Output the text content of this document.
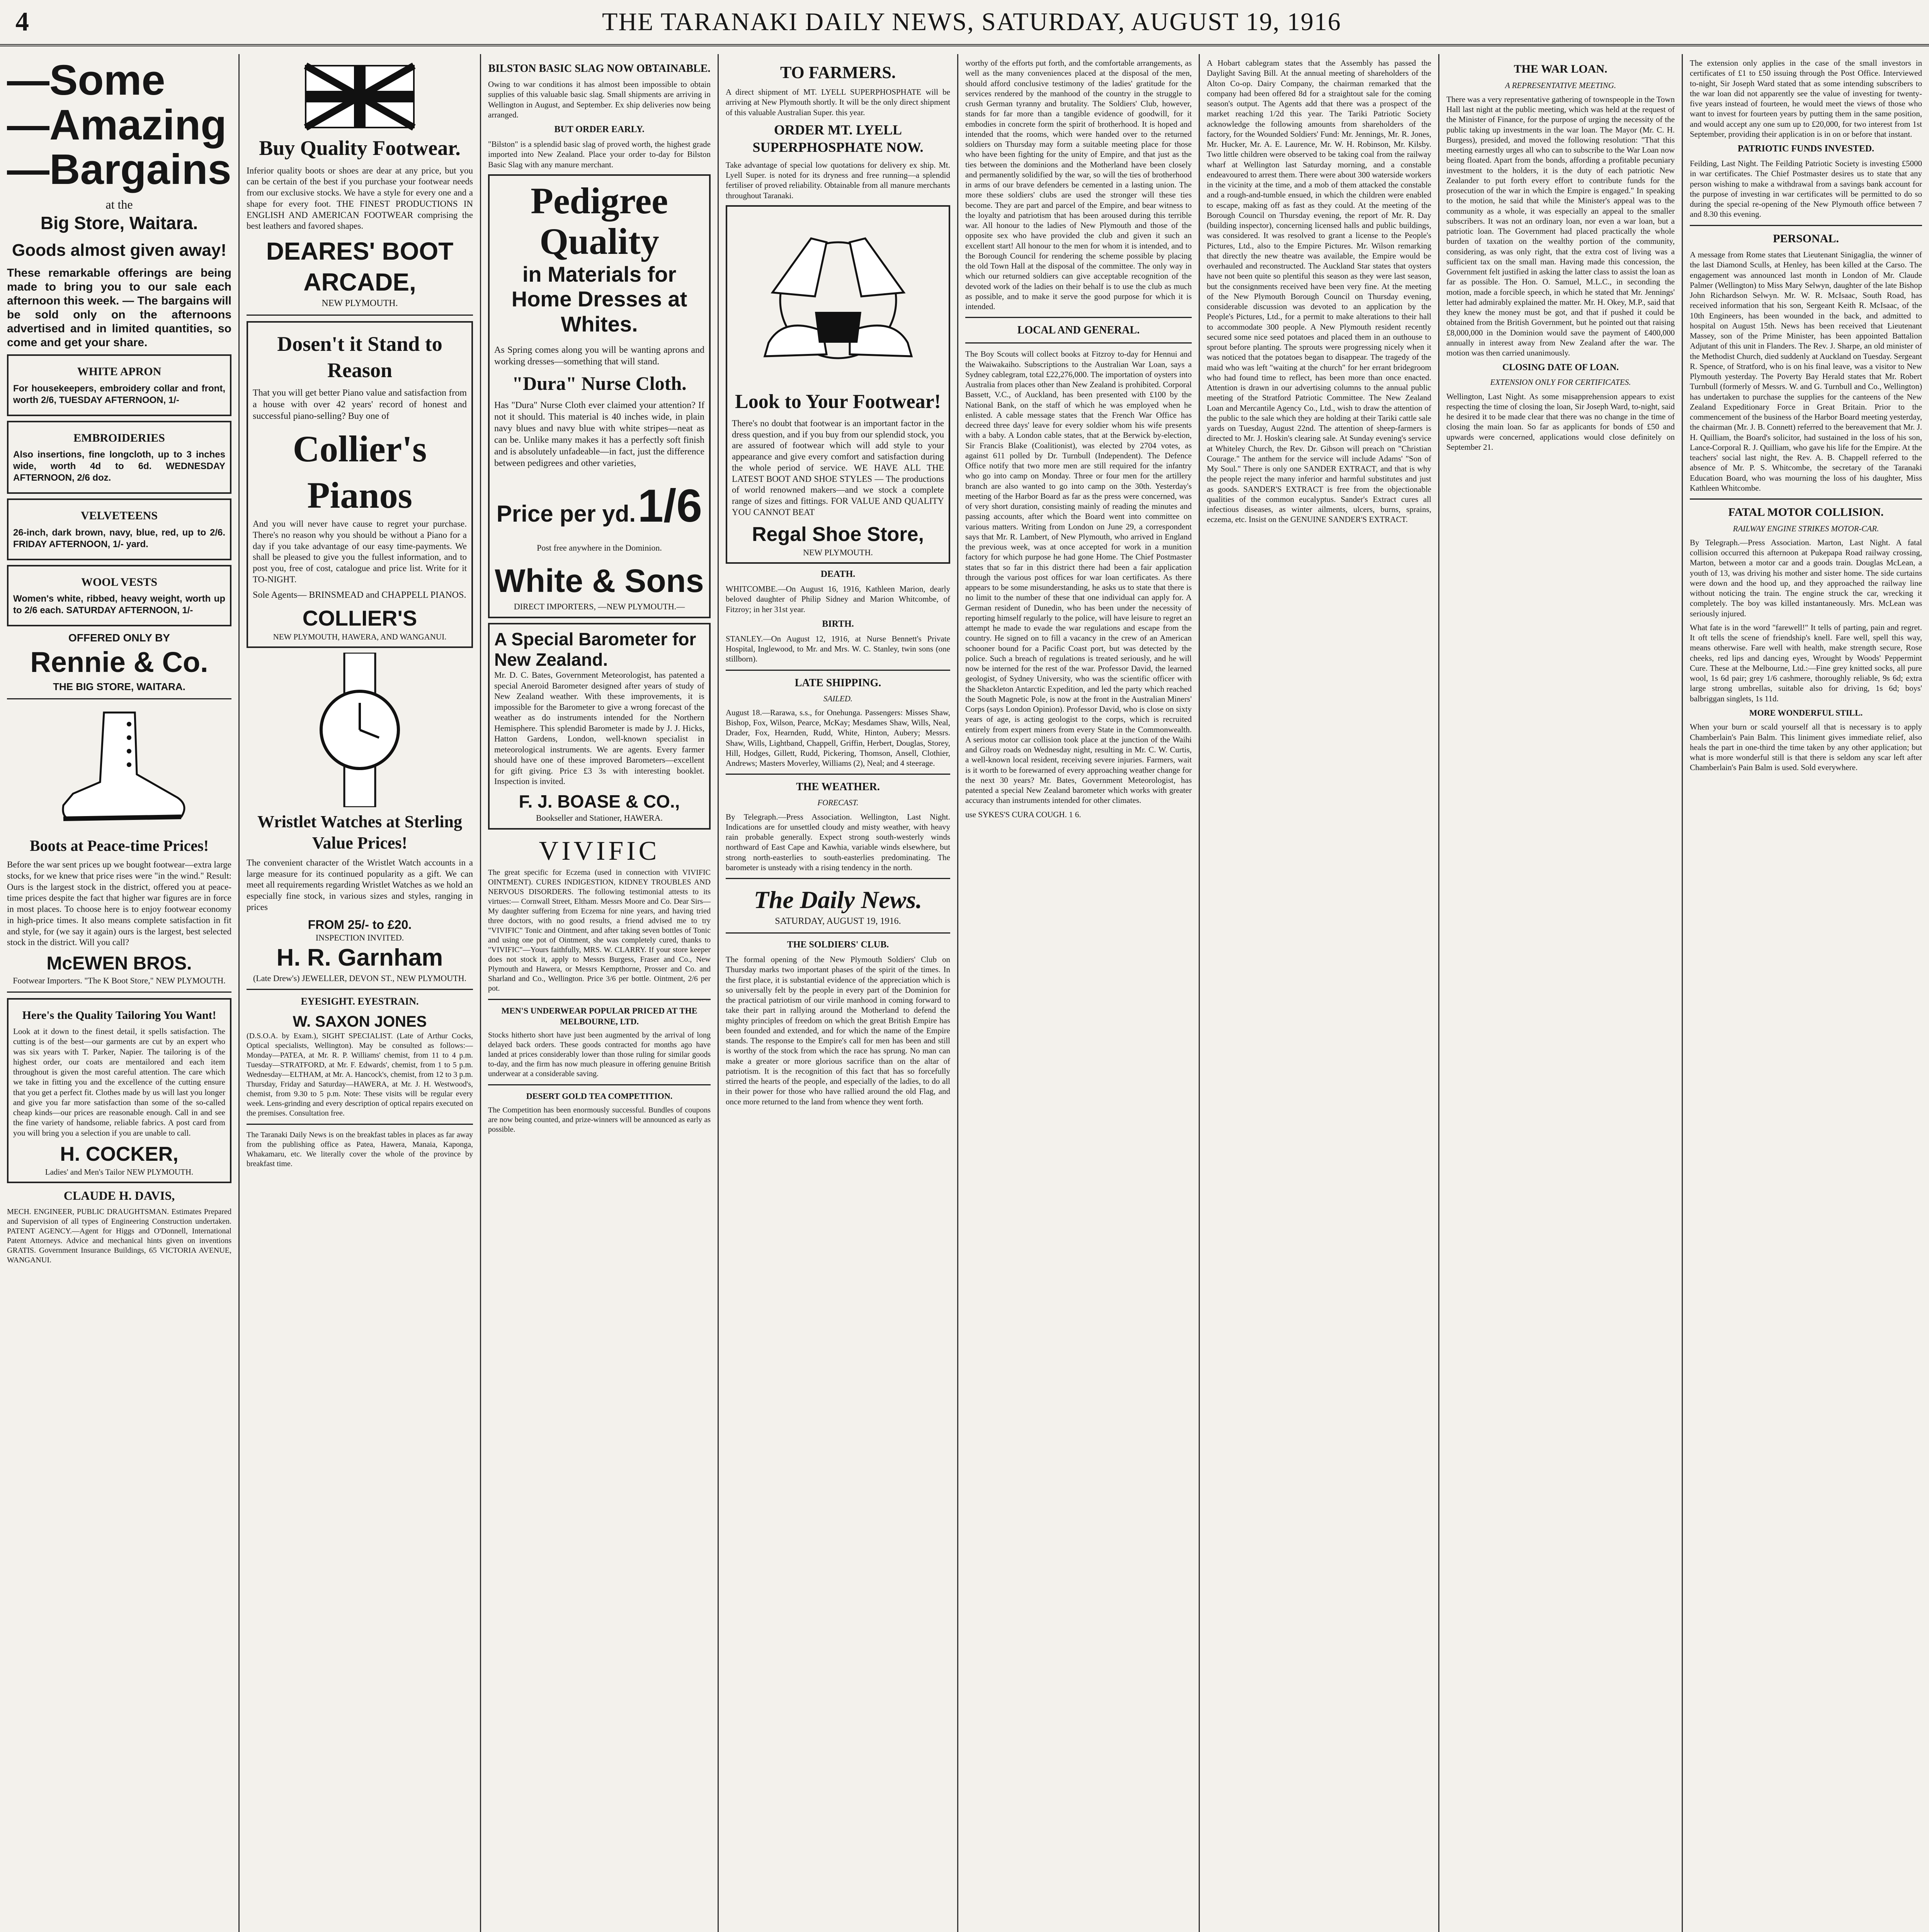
4	THE TARANAKI DAILY NEWS, SATURDAY, AUGUST 19, 1916
—Some
—Amazing
—Bargains
at the
Big Store, Waitara.
Goods almost given away!

These remarkable offerings are being made to bring you to our sale each afternoon this week. — The bargains will be sold only on the afternoons advertised and in limited quantities, so come and get your share.

WHITE APRON

For housekeepers, embroidery collar and front, worth 2/6, TUESDAY AFTERNOON, 1/-

EMBROIDERIES

Also insertions, fine longcloth, up to 3 inches wide, worth 4d to 6d. WEDNESDAY AFTERNOON, 2/6 doz.

VELVETEENS

26-inch, dark brown, navy, blue, red, up to 2/6. FRIDAY AFTERNOON, 1/- yard.

WOOL VESTS

Women's white, ribbed, heavy weight, worth up to 2/6 each. SATURDAY AFTERNOON, 1/-

OFFERED ONLY BY
Rennie & Co.
THE BIG STORE, WAITARA.
Boots at Peace-time Prices!

Before the war sent prices up we bought footwear—extra large stocks, for we knew that price rises were "in the wind." Result: Ours is the largest stock in the district, offered you at peace-time prices despite the fact that higher war figures are in force in most places. To choose here is to enjoy footwear economy in high-price times. It also means complete satisfaction in fit and style, for (we say it again) ours is the largest, best selected stock in the district. Will you call?

McEWEN BROS.
Footwear Importers. "The K Boot Store," NEW PLYMOUTH.
Here's the Quality Tailoring You Want!

Look at it down to the finest detail, it spells satisfaction. The cutting is of the best—our garments are cut by an expert who was six years with T. Parker, Napier. The tailoring is of the highest order, our coats are mentailored and each item throughout is given the most careful attention. The care which we take in fitting you and the excellence of the cutting ensure that you get a perfect fit. Clothes made by us will last you longer and give you far more satisfaction than some of the so-called cheap kinds—our prices are reasonable enough. Call in and see the fine variety of handsome, reliable fabrics. A post card from you will bring you a selection if you are unable to call.

H. COCKER,
Ladies' and Men's Tailor NEW PLYMOUTH.
CLAUDE H. DAVIS,

MECH. ENGINEER, PUBLIC DRAUGHTSMAN. Estimates Prepared and Supervision of all types of Engineering Construction undertaken. PATENT AGENCY.—Agent for Higgs and O'Donnell, International Patent Attorneys. Advice and mechanical hints given on inventions GRATIS. Government Insurance Buildings, 65 VICTORIA AVENUE, WANGANUI.

Buy Quality Footwear.

Inferior quality boots or shoes are dear at any price, but you can be certain of the best if you purchase your footwear needs from our exclusive stocks. We have a style for every one and a shape for every foot. THE FINEST PRODUCTIONS IN ENGLISH AND AMERICAN FOOTWEAR comprising the best leathers and favored shapes.

DEARES' BOOT ARCADE,
NEW PLYMOUTH.
Dosen't it Stand to Reason

That you will get better Piano value and satisfaction from a house with over 42 years' record of honest and successful piano-selling? Buy one of

Collier's Pianos

And you will never have cause to regret your purchase. There's no reason why you should be without a Piano for a day if you take advantage of our easy time-payments. We shall be pleased to give you the fullest information, and to post you, free of cost, catalogue and price list. Write for it TO-NIGHT.

Sole Agents— BRINSMEAD and CHAPPELL PIANOS.

COLLIER'S
NEW PLYMOUTH, HAWERA, AND WANGANUI.
Wristlet Watches at Sterling Value Prices!

The convenient character of the Wristlet Watch accounts in a large measure for its continued popularity as a gift. We can meet all requirements regarding Wristlet Watches as we hold an especially fine stock, in various sizes and styles, ranging in prices

FROM 25/- to £20.
INSPECTION INVITED.
H. R. Garnham
(Late Drew's) JEWELLER, DEVON ST., NEW PLYMOUTH.
EYESIGHT. EYESTRAIN.
W. SAXON JONES

(D.S.O.A. by Exam.), SIGHT SPECIALIST. (Late of Arthur Cocks, Optical specialists, Wellington). May be consulted as follows:— Monday—PATEA, at Mr. R. P. Williams' chemist, from 11 to 4 p.m. Tuesday—STRATFORD, at Mr. F. Edwards', chemist, from 1 to 5 p.m. Wednesday—ELTHAM, at Mr. A. Hancock's, chemist, from 12 to 3 p.m. Thursday, Friday and Saturday—HAWERA, at Mr. J. H. Westwood's, chemist, from 9.30 to 5 p.m. Note: These visits will be regular every week. Lens-grinding and every description of optical repairs executed on the premises. Consultation free.

The Taranaki Daily News is on the breakfast tables in places as far away from the publishing office as Patea, Hawera, Manaia, Kaponga, Whakamaru, etc. We literally cover the whole of the province by breakfast time.

BILSTON BASIC SLAG NOW OBTAINABLE.

Owing to war conditions it has almost been impossible to obtain supplies of this valuable basic slag. Small shipments are arriving in Wellington in August, and September. Ex ship deliveries now being arranged.

BUT ORDER EARLY.

"Bilston" is a splendid basic slag of proved worth, the highest grade imported into New Zealand. Place your order to-day for Bilston Basic Slag with any manure merchant.

Pedigree Quality
in Materials for Home Dresses at Whites.

As Spring comes along you will be wanting aprons and working dresses—something that will stand.

"Dura" Nurse Cloth.

Has "Dura" Nurse Cloth ever claimed your attention? If not it should. This material is 40 inches wide, in plain navy blues and navy blue with white stripes—neat as can be. Unlike many makes it has a perfectly soft finish and is absolutely unfadeable—in fact, just the difference between pedigrees and other varieties,

Price per yd. 1/6
Post free anywhere in the Dominion.
White & Sons
DIRECT IMPORTERS, —NEW PLYMOUTH.—
A Special Barometer for New Zealand.

Mr. D. C. Bates, Government Meteorologist, has patented a special Aneroid Barometer designed after years of study of New Zealand weather. With these improvements, it is impossible for the Barometer to give a wrong forecast of the weather as do instruments intended for the Northern Hemisphere. This splendid Barometer is made by J. J. Hicks, Hatton Gardens, London, well-known specialist in meteorological instruments. We are agents. Every farmer should have one of these improved Barometers—excellent for gift giving. Price £3 3s with interesting booklet. Inspection is invited.

F. J. BOASE & CO.,
Bookseller and Stationer, HAWERA.
VIVIFIC

The great specific for Eczema (used in connection with VIVIFIC OINTMENT). CURES INDIGESTION, KIDNEY TROUBLES AND NERVOUS DISORDERS. The following testimonial attests to its virtues:— Cornwall Street, Eltham. Messrs Moore and Co. Dear Sirs—My daughter suffering from Eczema for nine years, and having tried three doctors, with no good results, a friend advised me to try "VIVIFIC" Tonic and Ointment, and after taking seven bottles of Tonic and using one pot of Ointment, she was completely cured, thanks to "VIVIFIC"—Yours faithfully, MRS. W. CLARRY. If your store keeper does not stock it, apply to Messrs Burgess, Fraser and Co., New Plymouth and Hawera, or Messrs Kempthorne, Prosser and Co. and Sharland and Co., Wellington. Price 3/6 per bottle. Ointment, 2/6 per pot.

MEN'S UNDERWEAR POPULAR PRICED AT THE MELBOURNE, LTD.

Stocks hitherto short have just been augmented by the arrival of long delayed back orders. These goods contracted for months ago have landed at prices considerably lower than those ruling for similar goods to-day, and the firm has now much pleasure in offering genuine British underwear at a considerable saving.

DESERT GOLD TEA COMPETITION.

The Competition has been enormously successful. Bundles of coupons are now being counted, and prize-winners will be announced as early as possible.

TO FARMERS.

A direct shipment of MT. LYELL SUPERPHOSPHATE will be arriving at New Plymouth shortly. It will be the only direct shipment of this valuable Australian Super. this year.

ORDER MT. LYELL SUPERPHOSPHATE NOW.

Take advantage of special low quotations for delivery ex ship. Mt. Lyell Super. is noted for its dryness and free running—a splendid fertiliser of proved reliability. Obtainable from all manure merchants throughout Taranaki.

Look to Your Footwear!

There's no doubt that footwear is an important factor in the dress question, and if you buy from our splendid stock, you are assured of footwear which will add style to your appearance and give every comfort and satisfaction during the whole period of service. WE HAVE ALL THE LATEST BOOT AND SHOE STYLES — The productions of world renowned makers—and we stock a complete range of sizes and fittings. FOR VALUE AND QUALITY YOU CANNOT BEAT

Regal Shoe Store,
NEW PLYMOUTH.
DEATH.

WHITCOMBE.—On August 16, 1916, Kathleen Marion, dearly beloved daughter of Philip Sidney and Marion Whitcombe, of Fitzroy; in her 31st year.

BIRTH.

STANLEY.—On August 12, 1916, at Nurse Bennett's Private Hospital, Inglewood, to Mr. and Mrs. W. C. Stanley, twin sons (one stillborn).

LATE SHIPPING.
SAILED.

August 18.—Rarawa, s.s., for Onehunga. Passengers: Misses Shaw, Bishop, Fox, Wilson, Pearce, McKay; Mesdames Shaw, Wills, Neal, Drader, Fox, Hearnden, Rudd, White, Hinton, Aubery; Messrs. Shaw, Wills, Lightband, Chappell, Griffin, Herbert, Douglas, Storey, Hill, Hodges, Gillett, Rudd, Pickering, Thomson, Ansell, Clothier, Andrews; Masters Moverley, Williams (2), Neal; and 4 steerage.

THE WEATHER.
FORECAST.

By Telegraph.—Press Association. Wellington, Last Night. Indications are for unsettled cloudy and misty weather, with heavy rain probable generally. Expect strong south-westerly winds northward of East Cape and Kawhia, variable winds elsewhere, but strong north-easterlies to south-easterlies predominating. The barometer is unsteady with a rising tendency in the north.

The Daily News.
SATURDAY, AUGUST 19, 1916.
THE SOLDIERS' CLUB.

The formal opening of the New Plymouth Soldiers' Club on Thursday marks two important phases of the spirit of the times. In the first place, it is substantial evidence of the appreciation which is so universally felt by the people in every part of the Dominion for the practical patriotism of our virile manhood in coming forward to take their part in rallying around the Motherland to defend the mighty principles of freedom on which the great British Empire has been founded and extended, and for which the name of the Empire stands. The response to the Empire's call for men has been and still is worthy of the stock from which the race has sprung. No man can make a greater or more glorious sacrifice than on the altar of patriotism. It is the recognition of this fact that has so forcefully stirred the hearts of the people, and especially of the ladies, to do all in their power for those who have rallied around the old Flag, and once more returned to the land from whence they went forth.

worthy of the efforts put forth, and the comfortable arrangements, as well as the many conveniences placed at the disposal of the men, should afford conclusive testimony of the ladies' gratitude for the services rendered by the manhood of the country in the struggle to crush German tyranny and brutality. The Soldiers' Club, however, stands for far more than a tangible evidence of goodwill, for it embodies in concrete form the spirit of brotherhood. It is hoped and intended that the rooms, which were handed over to the returned soldiers on Thursday may form a suitable meeting place for those who have been fighting for the unity of Empire, and that just as the ties between the dominions and the Motherland have been closely and permanently solidified by the war, so will the ties of brotherhood in arms of our brave defenders be cemented in a lasting union. The more these soldiers' clubs are used the stronger will these ties become. They are part and parcel of the Empire, and bear witness to the loyalty and patriotism that has been aroused during this terrible war. All honour to the ladies of New Plymouth and those of the opposite sex who have provided the club and given it such an excellent start! All honour to the men for whom it is intended, and to the Borough Council for rendering the scheme possible by placing the old Town Hall at the disposal of the committee. The only way in which our returned soldiers can give acceptable recognition of the devoted work of the ladies on their behalf is to use the club as much as possible, and to make it serve the good purpose for which it is intended.

LOCAL AND GENERAL.

The Boy Scouts will collect books at Fitzroy to-day for Hennui and the Waiwakaiho. Subscriptions to the Australian War Loan, says a Sydney cablegram, total £22,276,000. The importation of oysters into Australia from places other than New Zealand is prohibited. Corporal Bassett, V.C., of Auckland, has been presented with £100 by the National Bank, on the staff of which he was employed when he enlisted. A cable message states that the French War Office has decreed three days' leave for every soldier whom his wife presents with a baby. A London cable states, that at the Berwick by-election, Sir Francis Blake (Coalitionist), was elected by 2704 votes, as against 611 polled by Dr. Turnbull (Independent). The Defence Office notify that two more men are still required for the infantry who go into camp on Monday. Three or four men for the artillery branch are also wanted to go into camp on the 30th. Yesterday's meeting of the Harbor Board as far as the press were concerned, was of very short duration, consisting mainly of reading the minutes and passing accounts, after which the Board went into committee on various matters. Writing from London on June 29, a correspondent says that Mr. R. Lambert, of New Plymouth, who arrived in England the previous week, was at once accepted for work in a munition factory for which purpose he had gone Home. The Chief Postmaster states that so far in this district there had been a fair application through the various post offices for war loan certificates. As there appears to be some misunderstanding, he asks us to state that there is no limit to the number of these that one individual can apply for. A German resident of Dunedin, who has been under the necessity of reporting himself regularly to the police, will have leisure to regret an attempt he made to evade the war regulations and escape from the country. He signed on to fill a vacancy in the crew of an American schooner bound for a Pacific Coast port, but was detected by the police. Such a breach of regulations is treated seriously, and he will now be interned for the rest of the war. Professor David, the learned geologist, of Sydney University, who was the scientific officer with the Shackleton Antarctic Expedition, and led the party which reached the South Magnetic Pole, is now at the front in the Australian Miners' Corps (says London Opinion). Professor David, who is close on sixty years of age, is acting geologist to the corps, which is recruited entirely from expert miners from every State in the Commonwealth. A serious motor car collision took place at the junction of the Waihi and Gilroy roads on Wednesday night, resulting in Mr. C. W. Curtis, a well-known local resident, receiving severe injuries. Farmers, wait is it worth to be forewarned of every approaching weather change for the next 30 years? Mr. Bates, Government Meteorologist, has patented a special New Zealand barometer which works with greater accuracy than instruments intended for other climates.

use SYKES'S CURA COUGH. 1 6.

A Hobart cablegram states that the Assembly has passed the Daylight Saving Bill. At the annual meeting of shareholders of the Alton Co-op. Dairy Company, the chairman remarked that the company had been offered 8d for a straightout sale for the coming season's output. The Agents add that there was a prospect of the market reaching 1/2d this year. The Tariki Patriotic Society acknowledge the following amounts from shareholders of the factory, for the Wounded Soldiers' Fund: Mr. Jennings, Mr. R. Jones, Mr. Hucker, Mr. A. E. Laurence, Mr. W. H. Robinson, Mr. Kilsby. Two little children were observed to be taking coal from the railway wharf at Wellington last Saturday morning, and a constable endeavoured to arrest them. There were about 300 waterside workers in the vicinity at the time, and a mob of them attacked the constable and a rough-and-tumble ensued, in which the children were enabled to escape, making off as fast as they could. At the meeting of the Borough Council on Thursday evening, the report of Mr. R. Day (building inspector), concerning licensed halls and public buildings, was considered. It was resolved to grant a license to the People's Pictures, Ltd., also to the Empire Pictures. Mr. Wilson remarking that directly the new theatre was available, the Empire would be overhauled and reconstructed. The Auckland Star states that oysters have not been quite so plentiful this season as they were last season, but the consignments received have been very fine. At the meeting of the New Plymouth Borough Council on Thursday evening, considerable discussion was devoted to an application by the People's Pictures, Ltd., for a permit to make alterations to their hall to accommodate 300 people. A New Plymouth resident recently secured some nice seed potatoes and placed them in an outhouse to sprout before planting. The sprouts were progressing nicely when it was noticed that the potatoes began to disappear. The tragedy of the maid who was left "waiting at the church" for her errant bridegroom who had found time to reflect, has been more than once enacted. Attention is drawn in our advertising columns to the annual public meeting of the Stratford Patriotic Committee. The New Zealand Loan and Mercantile Agency Co., Ltd., wish to draw the attention of the public to the sale which they are holding at their Tariki cattle sale yards on Tuesday, August 22nd. The attention of sheep-farmers is directed to Mr. J. Hoskin's clearing sale. At Sunday evening's service at Whiteley Church, the Rev. Dr. Gibson will preach on "Christian Courage." The anthem for the service will include Adams' "Son of My Soul." There is only one SANDER EXTRACT, and that is why the people reject the many inferior and harmful substitutes and just as goods. SANDER'S EXTRACT is free from the objectionable qualities of the common eucalyptus. Sander's Extract cures all infectious diseases, as winter ailments, ulcers, burns, sprains, eczema, etc. Insist on the GENUINE SANDER'S EXTRACT.

THE WAR LOAN.
A REPRESENTATIVE MEETING.

There was a very representative gathering of townspeople in the Town Hall last night at the public meeting, which was held at the request of the Minister of Finance, for the purpose of urging the necessity of the public taking up investments in the war loan. The Mayor (Mr. C. H. Burgess), presided, and moved the following resolution: "That this meeting earnestly urges all who can to subscribe to the War Loan now being floated. Apart from the bonds, affording a profitable pecuniary investment to the holders, it is the duty of each patriotic New Zealander to put forth every effort to contribute funds for the prosecution of the war in which the Empire is engaged." In speaking to the motion, he said that while the Minister's appeal was to the community as a whole, it was especially an appeal to the smaller subscribers. It was not an ordinary loan, nor even a war loan, but a patriotic loan. The Government had placed practically the whole burden of taxation on the wealthy portion of the community, considering, as was only right, that the extra cost of living was a sufficient tax on the small man. Having made this concession, the Government felt justified in asking the latter class to assist the loan as far as possible. The Hon. O. Samuel, M.L.C., in seconding the motion, made a forcible speech, in which he stated that Mr. Jennings' letter had admirably explained the matter. Mr. H. Okey, M.P., said that they knew the money must be got, and that if pushed it could be obtained from the British Government, but he pointed out that raising £8,000,000 in the Dominion would save the payment of £400,000 annually in interest away from New Zealand after the war. The motion was then carried unanimously.

CLOSING DATE OF LOAN.
EXTENSION ONLY FOR CERTIFICATES.

Wellington, Last Night. As some misapprehension appears to exist respecting the time of closing the loan, Sir Joseph Ward, to-night, said he desired it to be made clear that there was no change in the time of closing the main loan. So far as applicants for bonds of £50 and upwards were concerned, applications would close definitely on September 21.

The extension only applies in the case of the small investors in certificates of £1 to £50 issuing through the Post Office. Interviewed to-night, Sir Joseph Ward stated that as some intending subscribers to the war loan did not apparently see the value of investing for twenty-five years instead of fourteen, he would meet the views of those who want to invest for fourteen years by putting them in the same position, and would accept any one sum up to £20,000, for two interest from 1st September, providing their application is in on or before that instant.

PATRIOTIC FUNDS INVESTED.

Feilding, Last Night. The Feilding Patriotic Society is investing £5000 in war certificates. The Chief Postmaster desires us to state that any person wishing to make a withdrawal from a savings bank account for the purpose of investing in war certificates will be permitted to do so during the special re-opening of the New Plymouth office between 7 and 8.30 this evening.

PERSONAL.

A message from Rome states that Lieutenant Sinigaglia, the winner of the last Diamond Sculls, at Henley, has been killed at the Carso. The engagement was announced last month in London of Mr. Claude Palmer (Wellington) to Miss Mary Selwyn, daughter of the late Bishop John Richardson Selwyn. Mr. W. R. McIsaac, South Road, has received information that his son, Sergeant Keith R. McIsaac, of the 10th Engineers, has been wounded in the back, and admitted to hospital on August 15th. News has been received that Lieutenant Massey, son of the Prime Minister, has been appointed Battalion Adjutant of this unit in Flanders. The Rev. J. Sharpe, an old minister of the Methodist Church, died suddenly at Auckland on Tuesday. Sergeant R. Spence, of Stratford, who is on his final leave, was a visitor to New Plymouth yesterday. The Poverty Bay Herald states that Mr. Robert Turnbull (formerly of Messrs. W. and G. Turnbull and Co., Wellington) has undertaken to purchase the supplies for the canteens of the New Zealand Expeditionary Force in Great Britain. Prior to the commencement of the business of the Harbor Board meeting yesterday, the chairman (Mr. J. B. Connett) referred to the bereavement that Mr. J. H. Quilliam, the Board's solicitor, had sustained in the loss of his son, Lance-Corporal R. J. Quilliam, who gave his life for the Empire. At the teachers' social last night, the Rev. A. B. Chappell referred to the absence of Mr. P. S. Whitcombe, the secretary of the Taranaki Education Board, who was mourning the loss of his daughter, Miss Kathleen Whitcombe.

FATAL MOTOR COLLISION.
RAILWAY ENGINE STRIKES MOTOR-CAR.

By Telegraph.—Press Association. Marton, Last Night. A fatal collision occurred this afternoon at Pukepapa Road railway crossing, Marton, between a motor car and a goods train. Douglas McLean, a youth of 13, was driving his mother and sister home. The side curtains were down and the hood up, and they approached the railway line without noticing the train. The engine struck the car, wrecking it completely. The boy was killed instantaneously. Mrs. McLean was seriously injured.

What fate is in the word "farewell!" It tells of parting, pain and regret. It oft tells the scene of friendship's knell. Fare well, spell this way, means otherwise. Fare well with health, make strength secure, Rose cheeks, red lips and dancing eyes, Wrought by Woods' Peppermint Cure. These at the Melbourne, Ltd.:—Fine grey knitted socks, all pure wool, 1s 6d pair; grey 1/6 cashmere, thoroughly reliable, 9s 6d; extra large strong umbrellas, suitable also for driving, 1s 6d; boys' balbriggan singlets, 1s 11d.

MORE WONDERFUL STILL.

When your burn or scald yourself all that is necessary is to apply Chamberlain's Pain Balm. This liniment gives immediate relief, also heals the part in one-third the time taken by any other application; but what is more wonderful still is that there is seldom any scar left after Chamberlain's Pain Balm is used. Sold everywhere.
